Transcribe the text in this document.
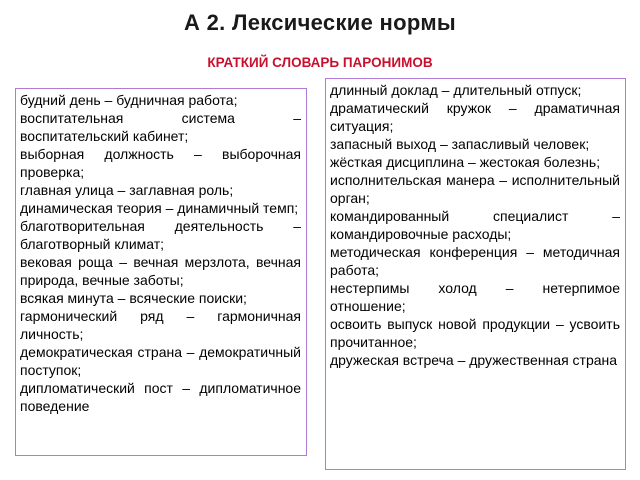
А 2. Лексические нормы
КРАТКИЙ СЛОВАРЬ ПАРОНИМОВ
будний день – будничная работа;
воспитательная система – воспитательский кабинет;
выборная должность – выборочная проверка;
главная улица – заглавная роль;
динамическая теория – динамичный темп;
благотворительная деятельность – благотворный климат;
вековая роща – вечная мерзлота, вечная природа, вечные заботы;
всякая минута – всяческие поиски;
гармонический ряд – гармоничная личность;
демократическая страна – демократичный поступок;
дипломатический пост – дипломатичное поведение
длинный доклад – длительный отпуск;
драматический кружок – драматичная ситуация;
запасный выход – запасливый человек;
жёсткая дисциплина – жестокая болезнь;
исполнительская манера – исполнительный орган;
командированный специалист – командировочные расходы;
методическая конференция – методичная работа;
нестерпимы холод – нетерпимое отношение;
освоить выпуск новой продукции – усвоить прочитанное;
дружеская встреча – дружественная страна
